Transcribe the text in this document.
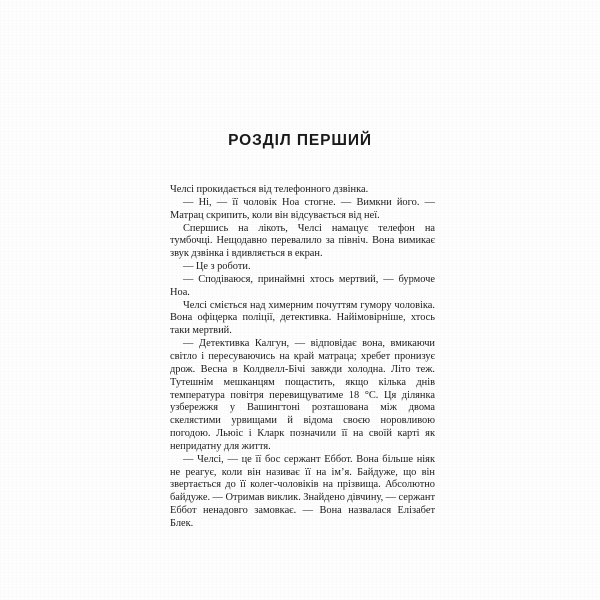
РОЗДІЛ ПЕРШИЙ

Челсі прокидається від телефонного дзвінка.

— Ні, — її чоловік Ноа стогне. — Вимкни його. — Матрац скрипить, коли він відсувається від неї.

Спершись на лікоть, Челсі намацує телефон на тумбочці. Нещодавно перевалило за північ. Вона вимикає звук дзвінка і вдивляється в екран.

— Це з роботи.

— Сподіваюся, принаймні хтось мертвий, — бурмоче Ноа.

Челсі сміється над химерним почуттям гумору чоловіка. Вона офіцерка поліції, детективка. Найімовірніше, хтось таки мертвий.

— Детективка Калгун, — відповідає вона, вмикаючи світло і пересуваючись на край матраца; хребет пронизує дрож. Весна в Колдвелл-Бічі завжди холодна. Літо теж. Тутешнім мешканцям пощастить, якщо кілька днів температура повітря перевищуватиме 18 °C. Ця ділянка узбережжя у Вашингтоні розташована між двома скелястими урвищами й відома своєю норовливою погодою. Льюіс і Кларк позначили її на своїй карті як непридатну для життя.

— Челсі, — це її бос сержант Еббот. Вона більше ніяк не реагує, коли він називає її на ім’я. Байдуже, що він звертається до її колег-чоловіків на прізвища. Абсолютно байдуже. — Отримав виклик. Знайдено дівчину, — сержант Еббот ненадовго замовкає. — Вона назвалася Елізабет Блек.
